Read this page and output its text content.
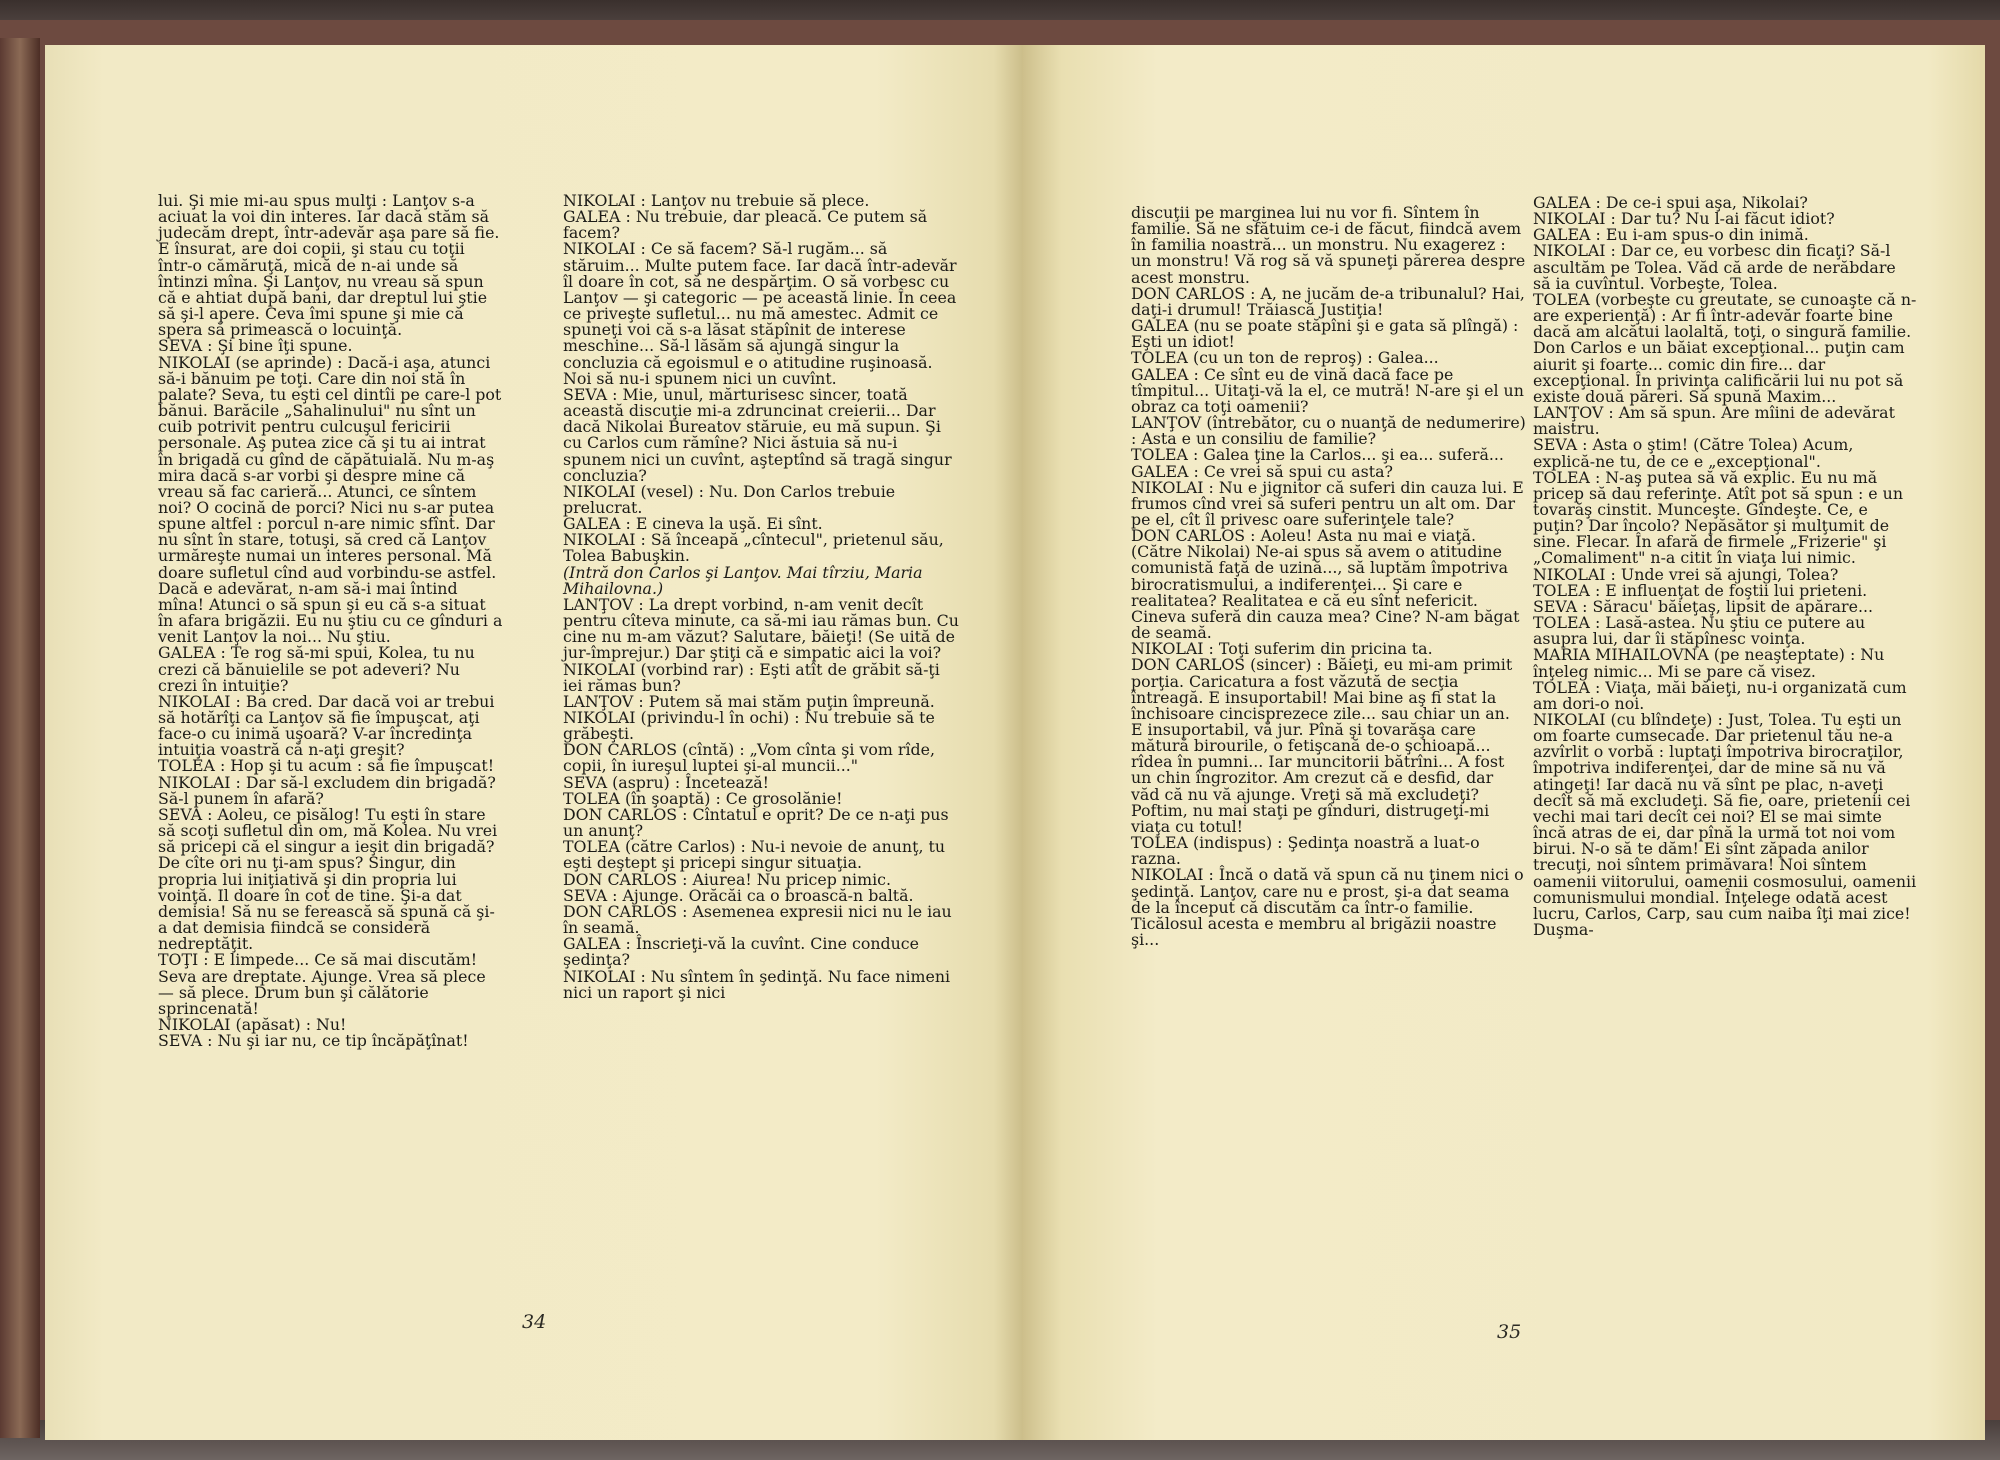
lui. Şi mie mi-au spus mulţi : Lanţov s-a aciuat la voi din interes. Iar dacă stăm să judecăm drept, într-adevăr aşa pare să fie. E însurat, are doi copii, şi stau cu toţii într-o cămăruţă, mică de n-ai unde să întinzi mîna. Şi Lanţov, nu vreau să spun că e ahtiat după bani, dar dreptul lui ştie să şi-l apere. Ceva îmi spune şi mie că spera să primească o locuinţă.

SEVA : Şi bine îţi spune.

NIKOLAI (se aprinde) : Dacă-i aşa, atunci să-i bănuim pe toţi. Care din noi stă în palate? Seva, tu eşti cel dintîi pe care-l pot bănui. Barăcile „Sahalinului" nu sînt un cuib potrivit pentru culcuşul fericirii personale. Aş putea zice că şi tu ai intrat în brigadă cu gînd de căpătuială. Nu m-aş mira dacă s-ar vorbi şi despre mine că vreau să fac carieră... Atunci, ce sîntem noi? O cocină de porci? Nici nu s-ar putea spune altfel : porcul n-are nimic sfînt. Dar nu sînt în stare, totuşi, să cred că Lanţov urmăreşte numai un interes personal. Mă doare sufletul cînd aud vorbindu-se astfel. Dacă e adevărat, n-am să-i mai întind mîna! Atunci o să spun şi eu că s-a situat în afara brigăzii. Eu nu ştiu cu ce gînduri a venit Lanţov la noi... Nu ştiu.

GALEA : Te rog să-mi spui, Kolea, tu nu crezi că bănuielile se pot adeveri? Nu crezi în intuiţie?

NIKOLAI : Ba cred. Dar dacă voi ar trebui să hotărîţi ca Lanţov să fie împuşcat, aţi face-o cu inimă uşoară? V-ar încredinţa intuiţia voastră că n-aţi greşit?

TOLEA : Hop şi tu acum : să fie împuşcat!

NIKOLAI : Dar să-l excludem din brigadă? Să-l punem în afară?

SEVA : Aoleu, ce pisălog! Tu eşti în stare să scoţi sufletul din om, mă Kolea. Nu vrei să pricepi că el singur a ieşit din brigadă? De cîte ori nu ţi-am spus? Singur, din propria lui iniţiativă şi din propria lui voinţă. Il doare în cot de tine. Şi-a dat demisia! Să nu se ferească să spună că şi-a dat demisia fiindcă se consideră nedreptăţit.

TOŢI : E limpede... Ce să mai discutăm! Seva are dreptate. Ajunge. Vrea să plece — să plece. Drum bun şi călătorie sprincenată!

NIKOLAI (apăsat) : Nu!

SEVA : Nu şi iar nu, ce tip încăpăţînat!

NIKOLAI : Lanţov nu trebuie să plece.

GALEA : Nu trebuie, dar pleacă. Ce putem să facem?

NIKOLAI : Ce să facem? Să-l rugăm... să stăruim... Multe putem face. Iar dacă într-adevăr îl doare în cot, să ne despărţim. O să vorbesc cu Lanţov — şi categoric — pe această linie. În ceea ce priveşte sufletul... nu mă amestec. Admit ce spuneţi voi că s-a lăsat stăpînit de interese meschine... Să-l lăsăm să ajungă singur la concluzia că egoismul e o atitudine ruşinoasă. Noi să nu-i spunem nici un cuvînt.

SEVA : Mie, unul, mărturisesc sincer, toată această discuţie mi-a zdruncinat creierii... Dar dacă Nikolai Bureatov stăruie, eu mă supun. Şi cu Carlos cum rămîne? Nici ăstuia să nu-i spunem nici un cuvînt, aşteptînd să tragă singur concluzia?

NIKOLAI (vesel) : Nu. Don Carlos trebuie prelucrat.

GALEA : E cineva la uşă. Ei sînt.

NIKOLAI : Să înceapă „cîntecul", prietenul său, Tolea Babuşkin.

(Intră don Carlos şi Lanţov. Mai tîrziu, Maria Mihailovna.)

LANŢOV : La drept vorbind, n-am venit decît pentru cîteva minute, ca să-mi iau rămas bun. Cu cine nu m-am văzut? Salutare, băieţi! (Se uită de jur-împrejur.) Dar ştiţi că e simpatic aici la voi?

NIKOLAI (vorbind rar) : Eşti atît de grăbit să-ţi iei rămas bun?

LANŢOV : Putem să mai stăm puţin împreună.

NIKOLAI (privindu-l în ochi) : Nu trebuie să te grăbeşti.

DON CARLOS (cîntă) : „Vom cînta şi vom rîde, copii, în iureşul luptei şi-al muncii..."

SEVA (aspru) : Încetează!

TOLEA (în şoaptă) : Ce grosolănie!

DON CARLOS : Cîntatul e oprit? De ce n-aţi pus un anunţ?

TOLEA (către Carlos) : Nu-i nevoie de anunţ, tu eşti deştept şi pricepi singur situaţia.

DON CARLOS : Aiurea! Nu pricep nimic.

SEVA : Ajunge. Orăcăi ca o broască-n baltă.

DON CARLOS : Asemenea expresii nici nu le iau în seamă.

GALEA : Înscrieţi-vă la cuvînt. Cine conduce şedinţa?

NIKOLAI : Nu sîntem în şedinţă. Nu face nimeni nici un raport şi nici

34

discuţii pe marginea lui nu vor fi. Sîntem în familie. Să ne sfătuim ce-i de făcut, fiindcă avem în familia noastră... un monstru. Nu exagerez : un monstru! Vă rog să vă spuneţi părerea despre acest monstru.

DON CARLOS : A, ne jucăm de-a tribunalul? Hai, daţi-i drumul! Trăiască Justiţia!

GALEA (nu se poate stăpîni şi e gata să plîngă) : Eşti un idiot!

TOLEA (cu un ton de reproş) : Galea...

GALEA : Ce sînt eu de vină dacă face pe tîmpitul... Uitaţi-vă la el, ce mutră! N-are şi el un obraz ca toţi oamenii?

LANŢOV (întrebător, cu o nuanţă de nedumerire) : Asta e un consiliu de familie?

TOLEA : Galea ţine la Carlos... şi ea... suferă...

GALEA : Ce vrei să spui cu asta?

NIKOLAI : Nu e jignitor că suferi din cauza lui. E frumos cînd vrei să suferi pentru un alt om. Dar pe el, cît îl privesc oare suferinţele tale?

DON CARLOS : Aoleu! Asta nu mai e viaţă. (Către Nikolai) Ne-ai spus să avem o atitudine comunistă faţă de uzină..., să luptăm împotriva birocratismului, a indiferenţei... Şi care e realitatea? Realitatea e că eu sînt nefericit. Cineva suferă din cauza mea? Cine? N-am băgat de seamă.

NIKOLAI : Toţi suferim din pricina ta.

DON CARLOS (sincer) : Băieţi, eu mi-am primit porţia. Caricatura a fost văzută de secţia întreagă. E insuportabil! Mai bine aş fi stat la închisoare cincisprezece zile... sau chiar un an. E insuportabil, vă jur. Pînă şi tovarăşa care mătură birourile, o fetişcană de-o şchioapă... rîdea în pumni... Iar muncitorii bătrîni... A fost un chin îngrozitor. Am crezut că e desfid, dar văd că nu vă ajunge. Vreţi să mă excludeţi? Poftim, nu mai staţi pe gînduri, distrugeţi-mi viaţa cu totul!

TOLEA (indispus) : Şedinţa noastră a luat-o razna.

NIKOLAI : Încă o dată vă spun că nu ţinem nici o şedinţă. Lanţov, care nu e prost, şi-a dat seama de la început că discutăm ca într-o familie. Ticălosul acesta e membru al brigăzii noastre şi...

GALEA : De ce-i spui aşa, Nikolai?

NIKOLAI : Dar tu? Nu l-ai făcut idiot?

GALEA : Eu i-am spus-o din inimă.

NIKOLAI : Dar ce, eu vorbesc din ficaţi? Să-l ascultăm pe Tolea. Văd că arde de nerăbdare să ia cuvîntul. Vorbeşte, Tolea.

TOLEA (vorbeşte cu greutate, se cunoaşte că n-are experienţă) : Ar fi într-adevăr foarte bine dacă am alcătui laolaltă, toţi, o singură familie. Don Carlos e un băiat excepţional... puţin cam aiurit şi foarte... comic din fire... dar excepţional. În privinţa calificării lui nu pot să existe două păreri. Să spună Maxim...

LANŢOV : Am să spun. Are mîini de adevărat maistru.

SEVA : Asta o ştim! (Către Tolea) Acum, explică-ne tu, de ce e „excepţional".

TOLEA : N-aş putea să vă explic. Eu nu mă pricep să dau referinţe. Atît pot să spun : e un tovarăş cinstit. Munceşte. Gîndeşte. Ce, e puţin? Dar încolo? Nepăsător şi mulţumit de sine. Flecar. În afară de firmele „Frizerie" şi „Comaliment" n-a citit în viaţa lui nimic.

NIKOLAI : Unde vrei să ajungi, Tolea?

TOLEA : E influenţat de foştii lui prieteni.

SEVA : Săracu' băieţaş, lipsit de apărare...

TOLEA : Lasă-astea. Nu ştiu ce putere au asupra lui, dar îi stăpînesc voinţa.

MARIA MIHAILOVNA (pe neaşteptate) : Nu înţeleg nimic... Mi se pare că visez.

TOLEA : Viaţa, măi băieţi, nu-i organizată cum am dori-o noi.

NIKOLAI (cu blîndeţe) : Just, Tolea. Tu eşti un om foarte cumsecade. Dar prietenul tău ne-a azvîrlit o vorbă : luptaţi împotriva birocraţilor, împotriva indiferenţei, dar de mine să nu vă atingeţi! Iar dacă nu vă sînt pe plac, n-aveţi decît să mă excludeţi. Să fie, oare, prietenii cei vechi mai tari decît cei noi? El se mai simte încă atras de ei, dar pînă la urmă tot noi vom birui. N-o să te dăm! Ei sînt zăpada anilor trecuţi, noi sîntem primăvara! Noi sîntem oamenii viitorului, oamenii cosmosului, oamenii comunismului mondial. Înţelege odată acest lucru, Carlos, Carp, sau cum naiba îţi mai zice! Duşma-

35
